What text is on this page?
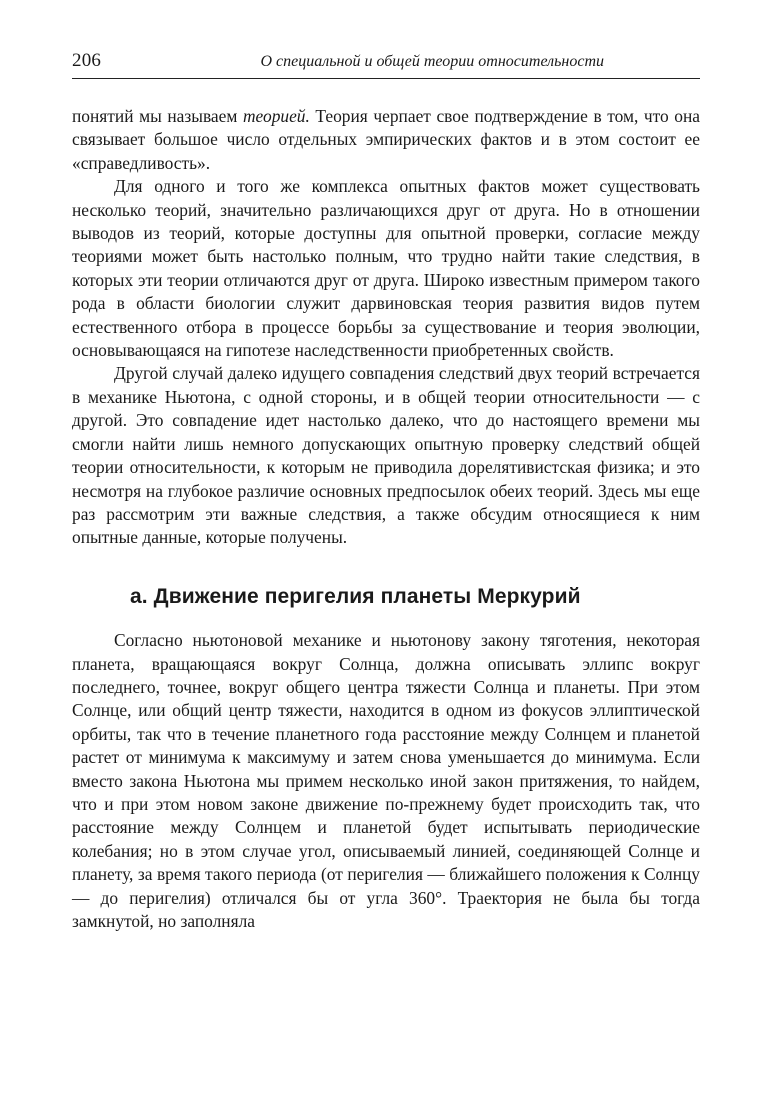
206	О специальной и общей теории относительности

понятий мы называем теорией. Теория черпает свое подтверждение в том, что она связывает большое число отдельных эмпирических фактов и в этом состоит ее «справедливость».

Для одного и того же комплекса опытных фактов может существовать несколько теорий, значительно различающихся друг от друга. Но в отношении выводов из теорий, которые доступны для опытной проверки, согласие между теориями может быть настолько полным, что трудно найти такие следствия, в которых эти теории отличаются друг от друга. Широко известным примером такого рода в области биологии служит дарвиновская теория развития видов путем естественного отбора в процессе борьбы за существование и теория эволюции, основывающаяся на гипотезе наследственности приобретенных свойств.

Другой случай далеко идущего совпадения следствий двух теорий встречается в механике Ньютона, с одной стороны, и в общей теории относительности — с другой. Это совпадение идет настолько далеко, что до настоящего времени мы смогли найти лишь немного допускающих опытную проверку следствий общей теории относительности, к которым не приводила дорелятивистская физика; и это несмотря на глубокое различие основных предпосылок обеих теорий. Здесь мы еще раз рассмотрим эти важные следствия, а также обсудим относящиеся к ним опытные данные, которые получены.

а. Движение перигелия планеты Меркурий

Согласно ньютоновой механике и ньютонову закону тяготения, некоторая планета, вращающаяся вокруг Солнца, должна описывать эллипс вокруг последнего, точнее, вокруг общего центра тяжести Солнца и планеты. При этом Солнце, или общий центр тяжести, находится в одном из фокусов эллиптической орбиты, так что в течение планетного года расстояние между Солнцем и планетой растет от минимума к максимуму и затем снова уменьшается до минимума. Если вместо закона Ньютона мы примем несколько иной закон притяжения, то найдем, что и при этом новом законе движение по-прежнему будет происходить так, что расстояние между Солнцем и планетой будет испытывать периодические колебания; но в этом случае угол, описываемый линией, соединяющей Солнце и планету, за время такого периода (от перигелия — ближайшего положения к Солнцу — до перигелия) отличался бы от угла 360°. Траектория не была бы тогда замкнутой, но заполняла
